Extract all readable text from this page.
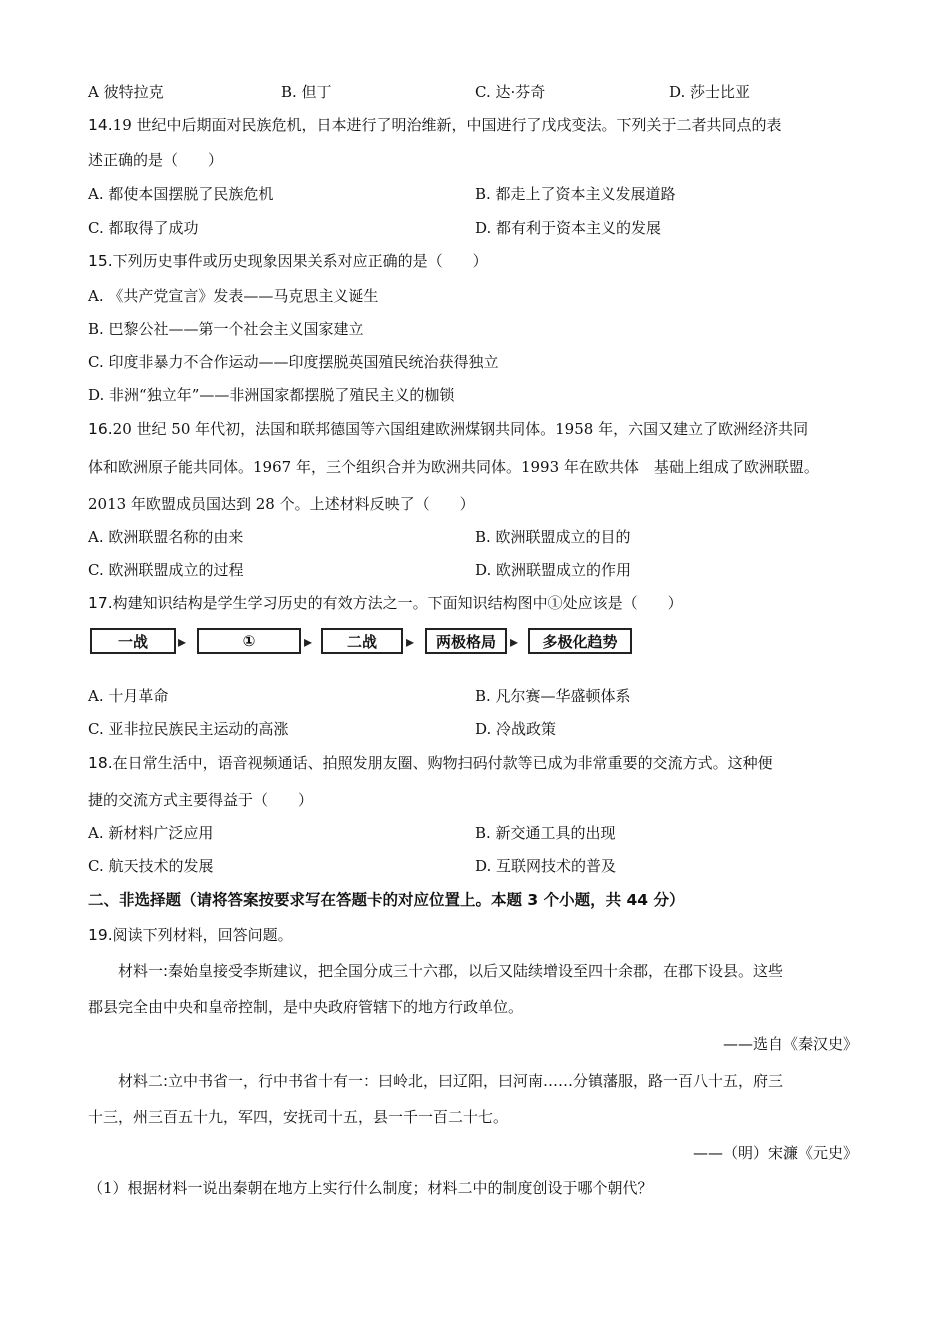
A 彼特拉克	B. 但丁	C. 达·芬奇	D. 莎士比亚
14.19 世纪中后期面对民族危机，日本进行了明治维新，中国进行了戊戌变法。下列关于二者共同点的表
述正确的是（　　）
A. 都使本国摆脱了民族危机	B. 都走上了资本主义发展道路
C. 都取得了成功	D. 都有利于资本主义的发展
15.下列历史事件或历史现象因果关系对应正确的是（　　）
A. 《共产党宣言》发表——马克思主义诞生
B. 巴黎公社——第一个社会主义国家建立
C. 印度非暴力不合作运动——印度摆脱英国殖民统治获得独立
D. 非洲“独立年”——非洲国家都摆脱了殖民主义的枷锁
16.20 世纪 50 年代初，法国和联邦德国等六国组建欧洲煤钢共同体。1958 年，六国又建立了欧洲经济共同
体和欧洲原子能共同体。1967 年，三个组织合并为欧洲共同体。1993 年在欧共体　基础上组成了欧洲联盟。
2013 年欧盟成员国达到 28 个。上述材料反映了（　　）
A. 欧洲联盟名称的由来	B. 欧洲联盟成立的目的
C. 欧洲联盟成立的过程	D. 欧洲联盟成立的作用
17.构建知识结构是学生学习历史的有效方法之一。下面知识结构图中①处应该是（　　）
一战	▸	①	▸	二战	▸	两极格局 ▸	多极化趋势
A. 十月革命	B. 凡尔赛—华盛顿体系
C. 亚非拉民族民主运动的高涨	D. 冷战政策
18.在日常生活中，语音视频通话、拍照发朋友圈、购物扫码付款等已成为非常重要的交流方式。这种便
捷的交流方式主要得益于（　　）
A. 新材料广泛应用	B. 新交通工具的出现
C. 航天技术的发展	D. 互联网技术的普及
二、非选择题（请将答案按要求写在答题卡的对应位置上。本题 3 个小题，共 44 分）
19.阅读下列材料，回答问题。
材料一:秦始皇接受李斯建议，把全国分成三十六郡，以后又陆续增设至四十余郡，在郡下设县。这些
郡县完全由中央和皇帝控制，是中央政府管辖下的地方行政单位。
——选自《秦汉史》
材料二:立中书省一，行中书省十有一：曰岭北，曰辽阳，曰河南……分镇藩服，路一百八十五，府三
十三，州三百五十九，军四，安抚司十五，县一千一百二十七。
——（明）宋濂《元史》
（1）根据材料一说出秦朝在地方上实行什么制度；材料二中的制度创设于哪个朝代？
